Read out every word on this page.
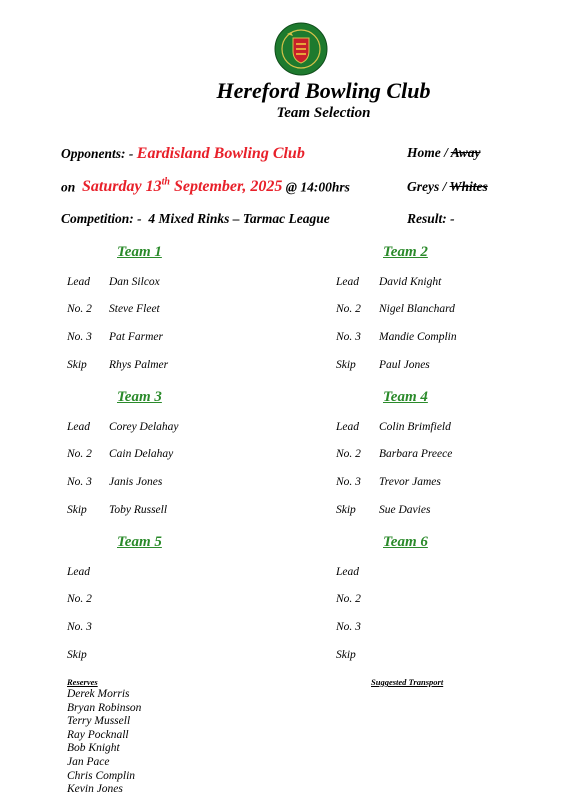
Hereford Bowling Club
Team Selection
Opponents: - Eardisland Bowling Club	Home / Away
on Saturday 13th September, 2025 @ 14:00hrs	Greys / Whites
Competition: - 4 Mixed Rinks – Tarmac League	Result: -
Team 1
Lead Dan Silcox
No. 2 Steve Fleet
No. 3 Pat Farmer
Skip Rhys Palmer
Team 2
Lead David Knight
No. 2 Nigel Blanchard
No. 3 Mandie Complin
Skip Paul Jones
Team 3
Lead Corey Delahay
No. 2 Cain Delahay
No. 3 Janis Jones
Skip Toby Russell
Team 4
Lead Colin Brimfield
No. 2 Barbara Preece
No. 3 Trevor James
Skip Sue Davies
Team 5
Lead
No. 2
No. 3
Skip
Team 6
Lead
No. 2
No. 3
Skip
Reserves
Derek Morris
Bryan Robinson
Terry Mussell
Ray Pocknall
Bob Knight
Jan Pace
Chris Complin
Kevin Jones
Suggested Transport
